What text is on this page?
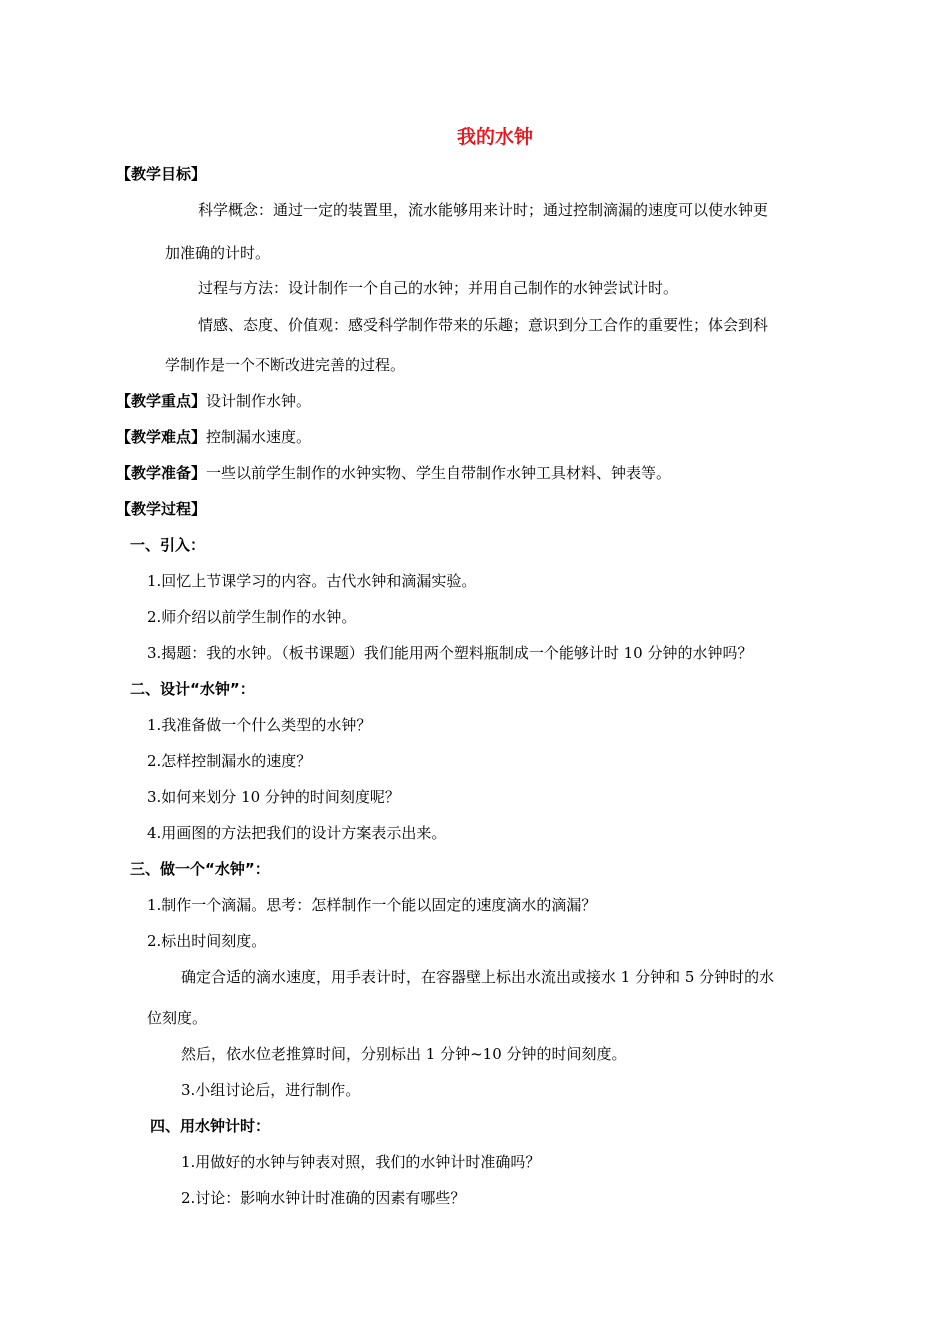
我的水钟
【教学目标】
科学概念：通过一定的装置里，流水能够用来计时；通过控制滴漏的速度可以使水钟更
加准确的计时。
过程与方法：设计制作一个自己的水钟；并用自己制作的水钟尝试计时。
情感、态度、价值观：感受科学制作带来的乐趣；意识到分工合作的重要性；体会到科
学制作是一个不断改进完善的过程。
【教学重点】设计制作水钟。
【教学难点】控制漏水速度。
【教学准备】一些以前学生制作的水钟实物、学生自带制作水钟工具材料、钟表等。
【教学过程】
一、引入：
1.回忆上节课学习的内容。古代水钟和滴漏实验。
2.师介绍以前学生制作的水钟。
3.揭题：我的水钟。（板书课题）我们能用两个塑料瓶制成一个能够计时 10 分钟的水钟吗？
二、设计“水钟”：
1.我准备做一个什么类型的水钟？
2.怎样控制漏水的速度？
3.如何来划分 10 分钟的时间刻度呢？
4.用画图的方法把我们的设计方案表示出来。
三、做一个“水钟”：
1.制作一个滴漏。思考：怎样制作一个能以固定的速度滴水的滴漏？
2.标出时间刻度。
确定合适的滴水速度，用手表计时，在容器壁上标出水流出或接水 1 分钟和 5 分钟时的水
位刻度。
然后，依水位老推算时间，分别标出 1 分钟~10 分钟的时间刻度。
3.小组讨论后，进行制作。
四、用水钟计时：
1.用做好的水钟与钟表对照，我们的水钟计时准确吗？
2.讨论：影响水钟计时准确的因素有哪些？
